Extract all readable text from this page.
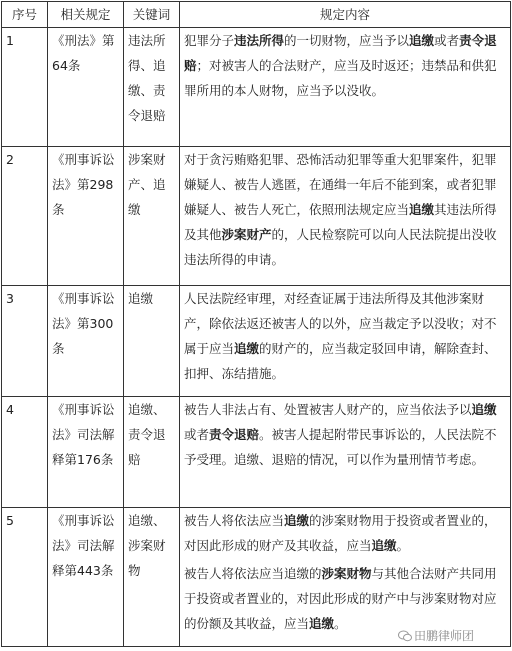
序号	相关规定	关键词	规定内容
1	《刑法》第64条	违法所得、追缴、责令退赔	犯罪分子违法所得的一切财物，应当予以追缴或者责令退赔；对被害人的合法财产，应当及时返还；违禁品和供犯罪所用的本人财物，应当予以没收。

2	《刑事诉讼法》第298条	涉案财产、追缴	对于贪污贿赂犯罪、恐怖活动犯罪等重大犯罪案件，犯罪嫌疑人、被告人逃匿，在通缉一年后不能到案，或者犯罪嫌疑人、被告人死亡，依照刑法规定应当追缴其违法所得及其他涉案财产的，人民检察院可以向人民法院提出没收违法所得的申请。

3	《刑事诉讼法》第300条	追缴	人民法院经审理，对经查证属于违法所得及其他涉案财产，除依法返还被害人的以外，应当裁定予以没收；对不属于应当追缴的财产的，应当裁定驳回申请，解除查封、扣押、冻结措施。

4	《刑事诉讼法》司法解释第176条	追缴、责令退赔	被告人非法占有、处置被害人财产的，应当依法予以追缴或者责令退赔。被害人提起附带民事诉讼的，人民法院不予受理。追缴、退赔的情况，可以作为量刑情节考虑。

5	《刑事诉讼法》司法解释第443条	追缴、涉案财物	被告人将依法应当追缴的涉案财物用于投资或者置业的，对因此形成的财产及其收益，应当追缴。

被告人将依法应当追缴的涉案财物与其他合法财产共同用于投资或者置业的，对因此形成的财产中与涉案财物对应的份额及其收益，应当追缴。

田鹏律师团
